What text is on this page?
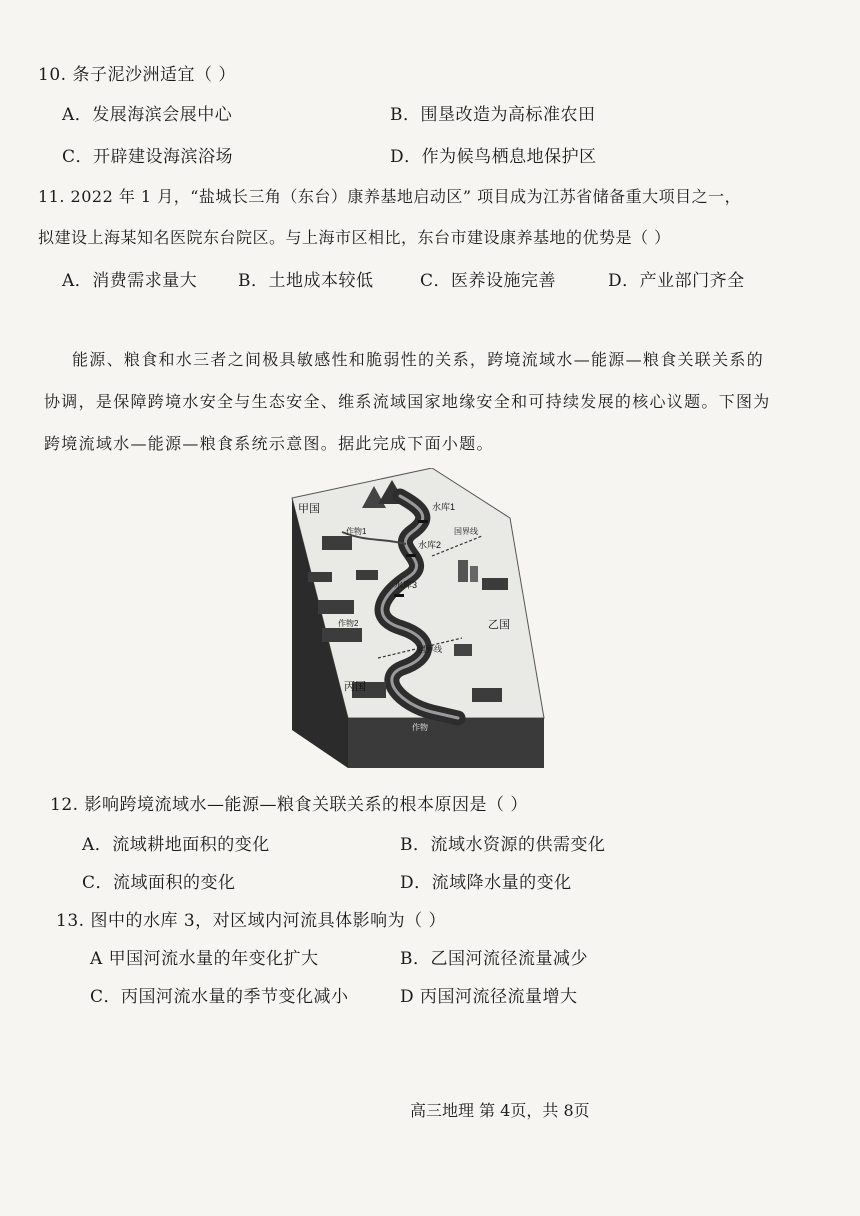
10. 条子泥沙洲适宜（ ）
A．发展海滨会展中心	B．围垦改造为高标准农田
C．开辟建设海滨浴场	D．作为候鸟栖息地保护区
11. 2022 年 1 月，“盐城长三角（东台）康养基地启动区” 项目成为江苏省储备重大项目之一，
拟建设上海某知名医院东台院区。与上海市区相比，东台市建设康养基地的优势是（ ）
A．消费需求量大 B．土地成本较低	C．医养设施完善	D．产业部门齐全
能源、粮食和水三者之间极具敏感性和脆弱性的关系，跨境流域水—能源—粮食关联关系的
协调，是保障跨境水安全与生态安全、维系流域国家地缘安全和可持续发展的核心议题。下图为
跨境流域水—能源—粮食系统示意图。据此完成下面小题。
甲国
乙国
丙国
水库1
水库2
水库3
作物1
作物2
作物
国界线
国界线
12. 影响跨境流域水—能源—粮食关联关系的根本原因是（ ）
A．流域耕地面积的变化	B．流域水资源的供需变化
C．流域面积的变化	D．流域降水量的变化
13. 图中的水库 3，对区域内河流具体影响为（ ）
A 甲国河流水量的年变化扩大	B．乙国河流径流量减少
C．丙国河流水量的季节变化减小	D 丙国河流径流量增大
高三地理 第 4页，共 8页
